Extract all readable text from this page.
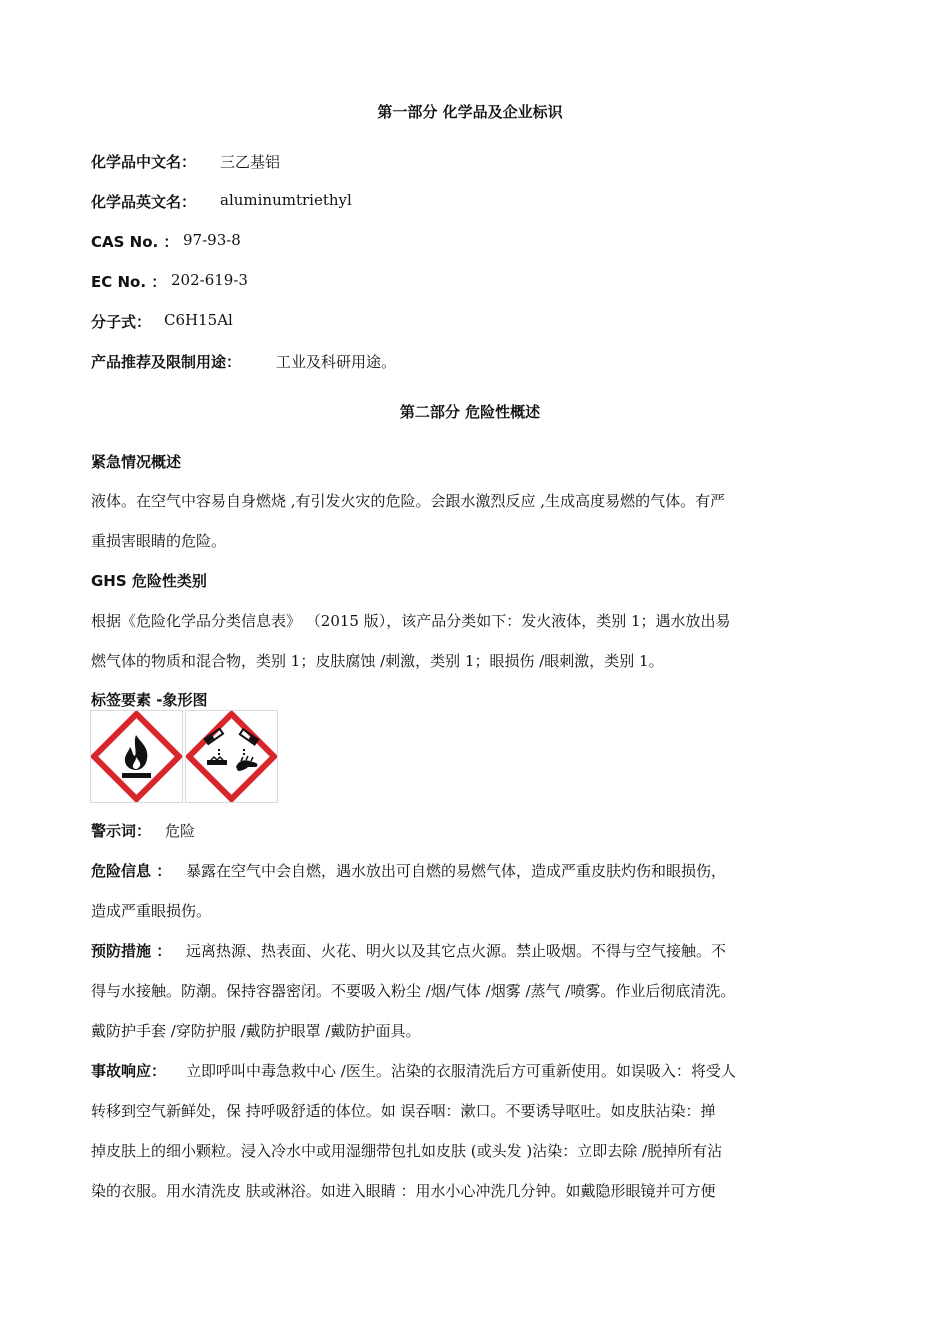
第一部分 化学品及企业标识
化学品中文名： 三乙基铝
化学品英文名： aluminumtriethyl
CAS No. ： 97-93-8
EC No. ： 202-619-3
分子式： C6H15Al
产品推荐及限制用途： 工业及科研用途。
第二部分 危险性概述
紧急情况概述
液体。在空气中容易自身燃烧 ,有引发火灾的危险。会跟水激烈反应 ,生成高度易燃的气体。有严
重损害眼睛的危险。
GHS 危险性类别
根据《危险化学品分类信息表》 （2015 版），该产品分类如下：发火液体，类别 1；遇水放出易
燃气体的物质和混合物，类别 1；皮肤腐蚀 /刺激，类别 1；眼损伤 /眼刺激，类别 1。
标签要素 -象形图
警示词： 危险
危险信息 ： 暴露在空气中会自燃，遇水放出可自燃的易燃气体，造成严重皮肤灼伤和眼损伤，
造成严重眼损伤。
预防措施 ： 远离热源、热表面、火花、明火以及其它点火源。禁止吸烟。不得与空气接触。不
得与水接触。防潮。保持容器密闭。不要吸入粉尘 /烟/气体 /烟雾 /蒸气 /喷雾。作业后彻底清洗。
戴防护手套 /穿防护服 /戴防护眼罩 /戴防护面具。
事故响应： 立即呼叫中毒急救中心 /医生。沾染的衣服清洗后方可重新使用。如误吸入：将受人
转移到空气新鲜处，保 持呼吸舒适的体位。如 误吞咽：漱口。不要诱导呕吐。如皮肤沾染：掸
掉皮肤上的细小颗粒。浸入冷水中或用湿绷带包扎如皮肤 (或头发 )沾染：立即去除 /脱掉所有沾
染的衣服。用水清洗皮 肤或淋浴。如进入眼睛 ：用水小心冲洗几分钟。如戴隐形眼镜并可方便
